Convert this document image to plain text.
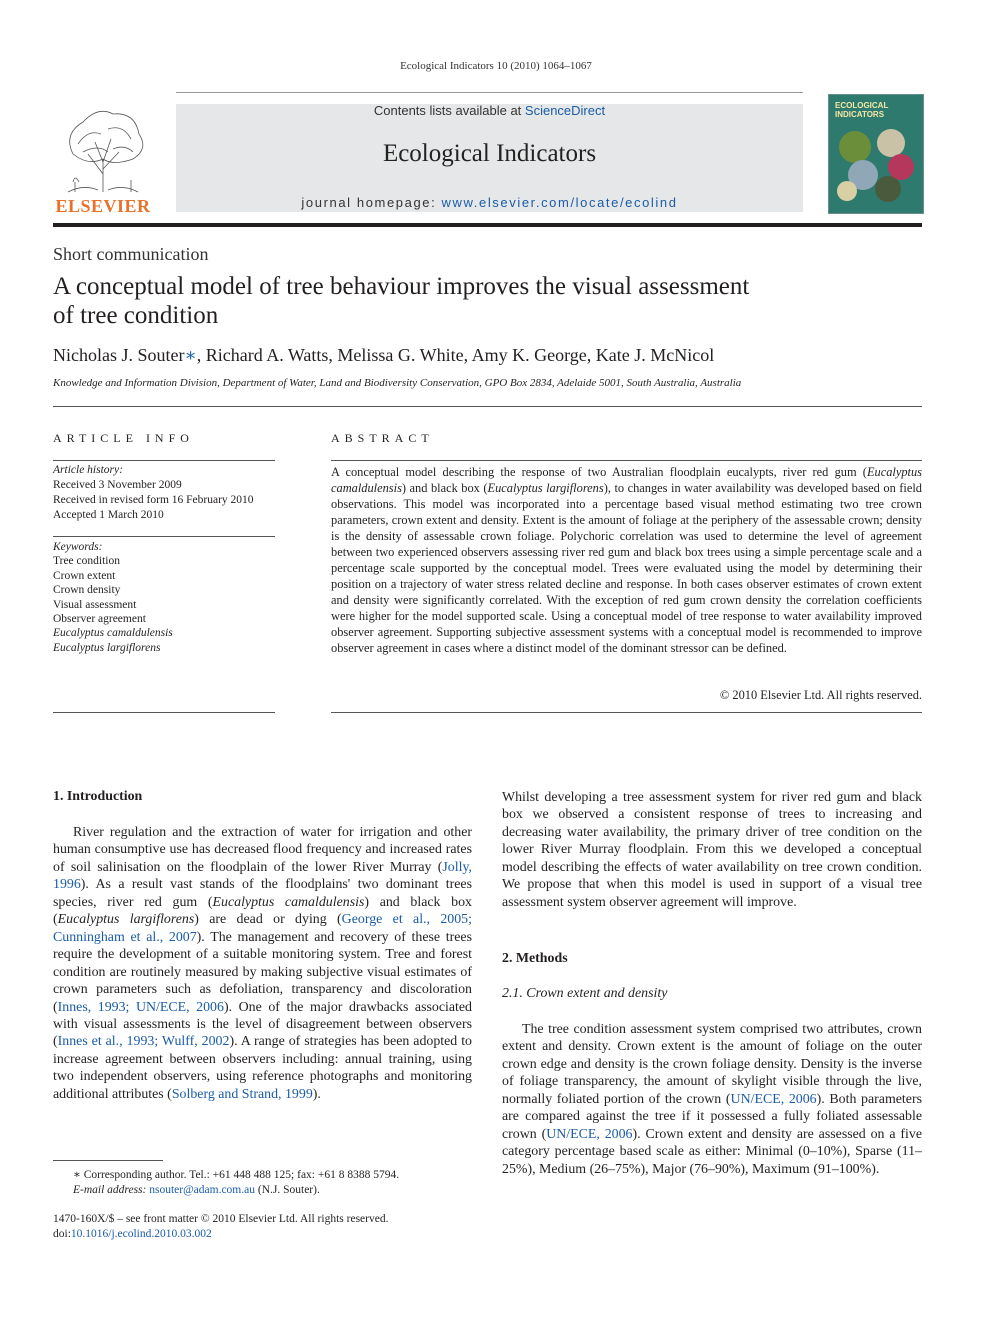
Ecological Indicators 10 (2010) 1064–1067
ELSEVIER
Contents lists available at ScienceDirect
Ecological Indicators
journal homepage: www.elsevier.com/locate/ecolind
ECOLOGICAL
INDICATORS
Short communication
A conceptual model of tree behaviour improves the visual assessment of tree condition
Nicholas J. Souter∗, Richard A. Watts, Melissa G. White, Amy K. George, Kate J. McNicol
Knowledge and Information Division, Department of Water, Land and Biodiversity Conservation, GPO Box 2834, Adelaide 5001, South Australia, Australia
ARTICLE INFO
Article history:
Received 3 November 2009
Received in revised form 16 February 2010
Accepted 1 March 2010
Keywords:
Tree condition
Crown extent
Crown density
Visual assessment
Observer agreement
Eucalyptus camaldulensis
Eucalyptus largiflorens
ABSTRACT
A conceptual model describing the response of two Australian floodplain eucalypts, river red gum (Eucalyptus camaldulensis) and black box (Eucalyptus largiflorens), to changes in water availability was developed based on field observations. This model was incorporated into a percentage based visual method estimating two tree crown parameters, crown extent and density. Extent is the amount of foliage at the periphery of the assessable crown; density is the density of assessable crown foliage. Polychoric correlation was used to determine the level of agreement between two experienced observers assessing river red gum and black box trees using a simple percentage scale and a percentage scale supported by the conceptual model. Trees were evaluated using the model by determining their position on a trajectory of water stress related decline and response. In both cases observer estimates of crown extent and density were significantly correlated. With the exception of red gum crown density the correlation coefficients were higher for the model supported scale. Using a conceptual model of tree response to water availability improved observer agreement. Supporting subjective assessment systems with a conceptual model is recommended to improve observer agreement in cases where a distinct model of the dominant stressor can be defined.
© 2010 Elsevier Ltd. All rights reserved.
1. Introduction
River regulation and the extraction of water for irrigation and other human consumptive use has decreased flood frequency and increased rates of soil salinisation on the floodplain of the lower River Murray (Jolly, 1996). As a result vast stands of the floodplains' two dominant trees species, river red gum (Eucalyptus camaldulensis) and black box (Eucalyptus largiflorens) are dead or dying (George et al., 2005; Cunningham et al., 2007). The management and recovery of these trees require the development of a suitable monitoring system. Tree and forest condition are routinely measured by making subjective visual estimates of crown parameters such as defoliation, transparency and discoloration (Innes, 1993; UN/ECE, 2006). One of the major drawbacks associated with visual assessments is the level of disagreement between observers (Innes et al., 1993; Wulff, 2002). A range of strategies has been adopted to increase agreement between observers including: annual training, using two independent observers, using reference photographs and monitoring additional attributes (Solberg and Strand, 1999).
Whilst developing a tree assessment system for river red gum and black box we observed a consistent response of trees to increasing and decreasing water availability, the primary driver of tree condition on the lower River Murray floodplain. From this we developed a conceptual model describing the effects of water availability on tree crown condition. We propose that when this model is used in support of a visual tree assessment system observer agreement will improve.
2. Methods
2.1. Crown extent and density
The tree condition assessment system comprised two attributes, crown extent and density. Crown extent is the amount of foliage on the outer crown edge and density is the crown foliage density. Density is the inverse of foliage transparency, the amount of skylight visible through the live, normally foliated portion of the crown (UN/ECE, 2006). Both parameters are compared against the tree if it possessed a fully foliated assessable crown (UN/ECE, 2006). Crown extent and density are assessed on a five category percentage based scale as either: Minimal (0–10%), Sparse (11–25%), Medium (26–75%), Major (76–90%), Maximum (91–100%).
∗ Corresponding author. Tel.: +61 448 488 125; fax: +61 8 8388 5794.
E-mail address: nsouter@adam.com.au (N.J. Souter).
1470-160X/$ – see front matter © 2010 Elsevier Ltd. All rights reserved.
doi:10.1016/j.ecolind.2010.03.002
